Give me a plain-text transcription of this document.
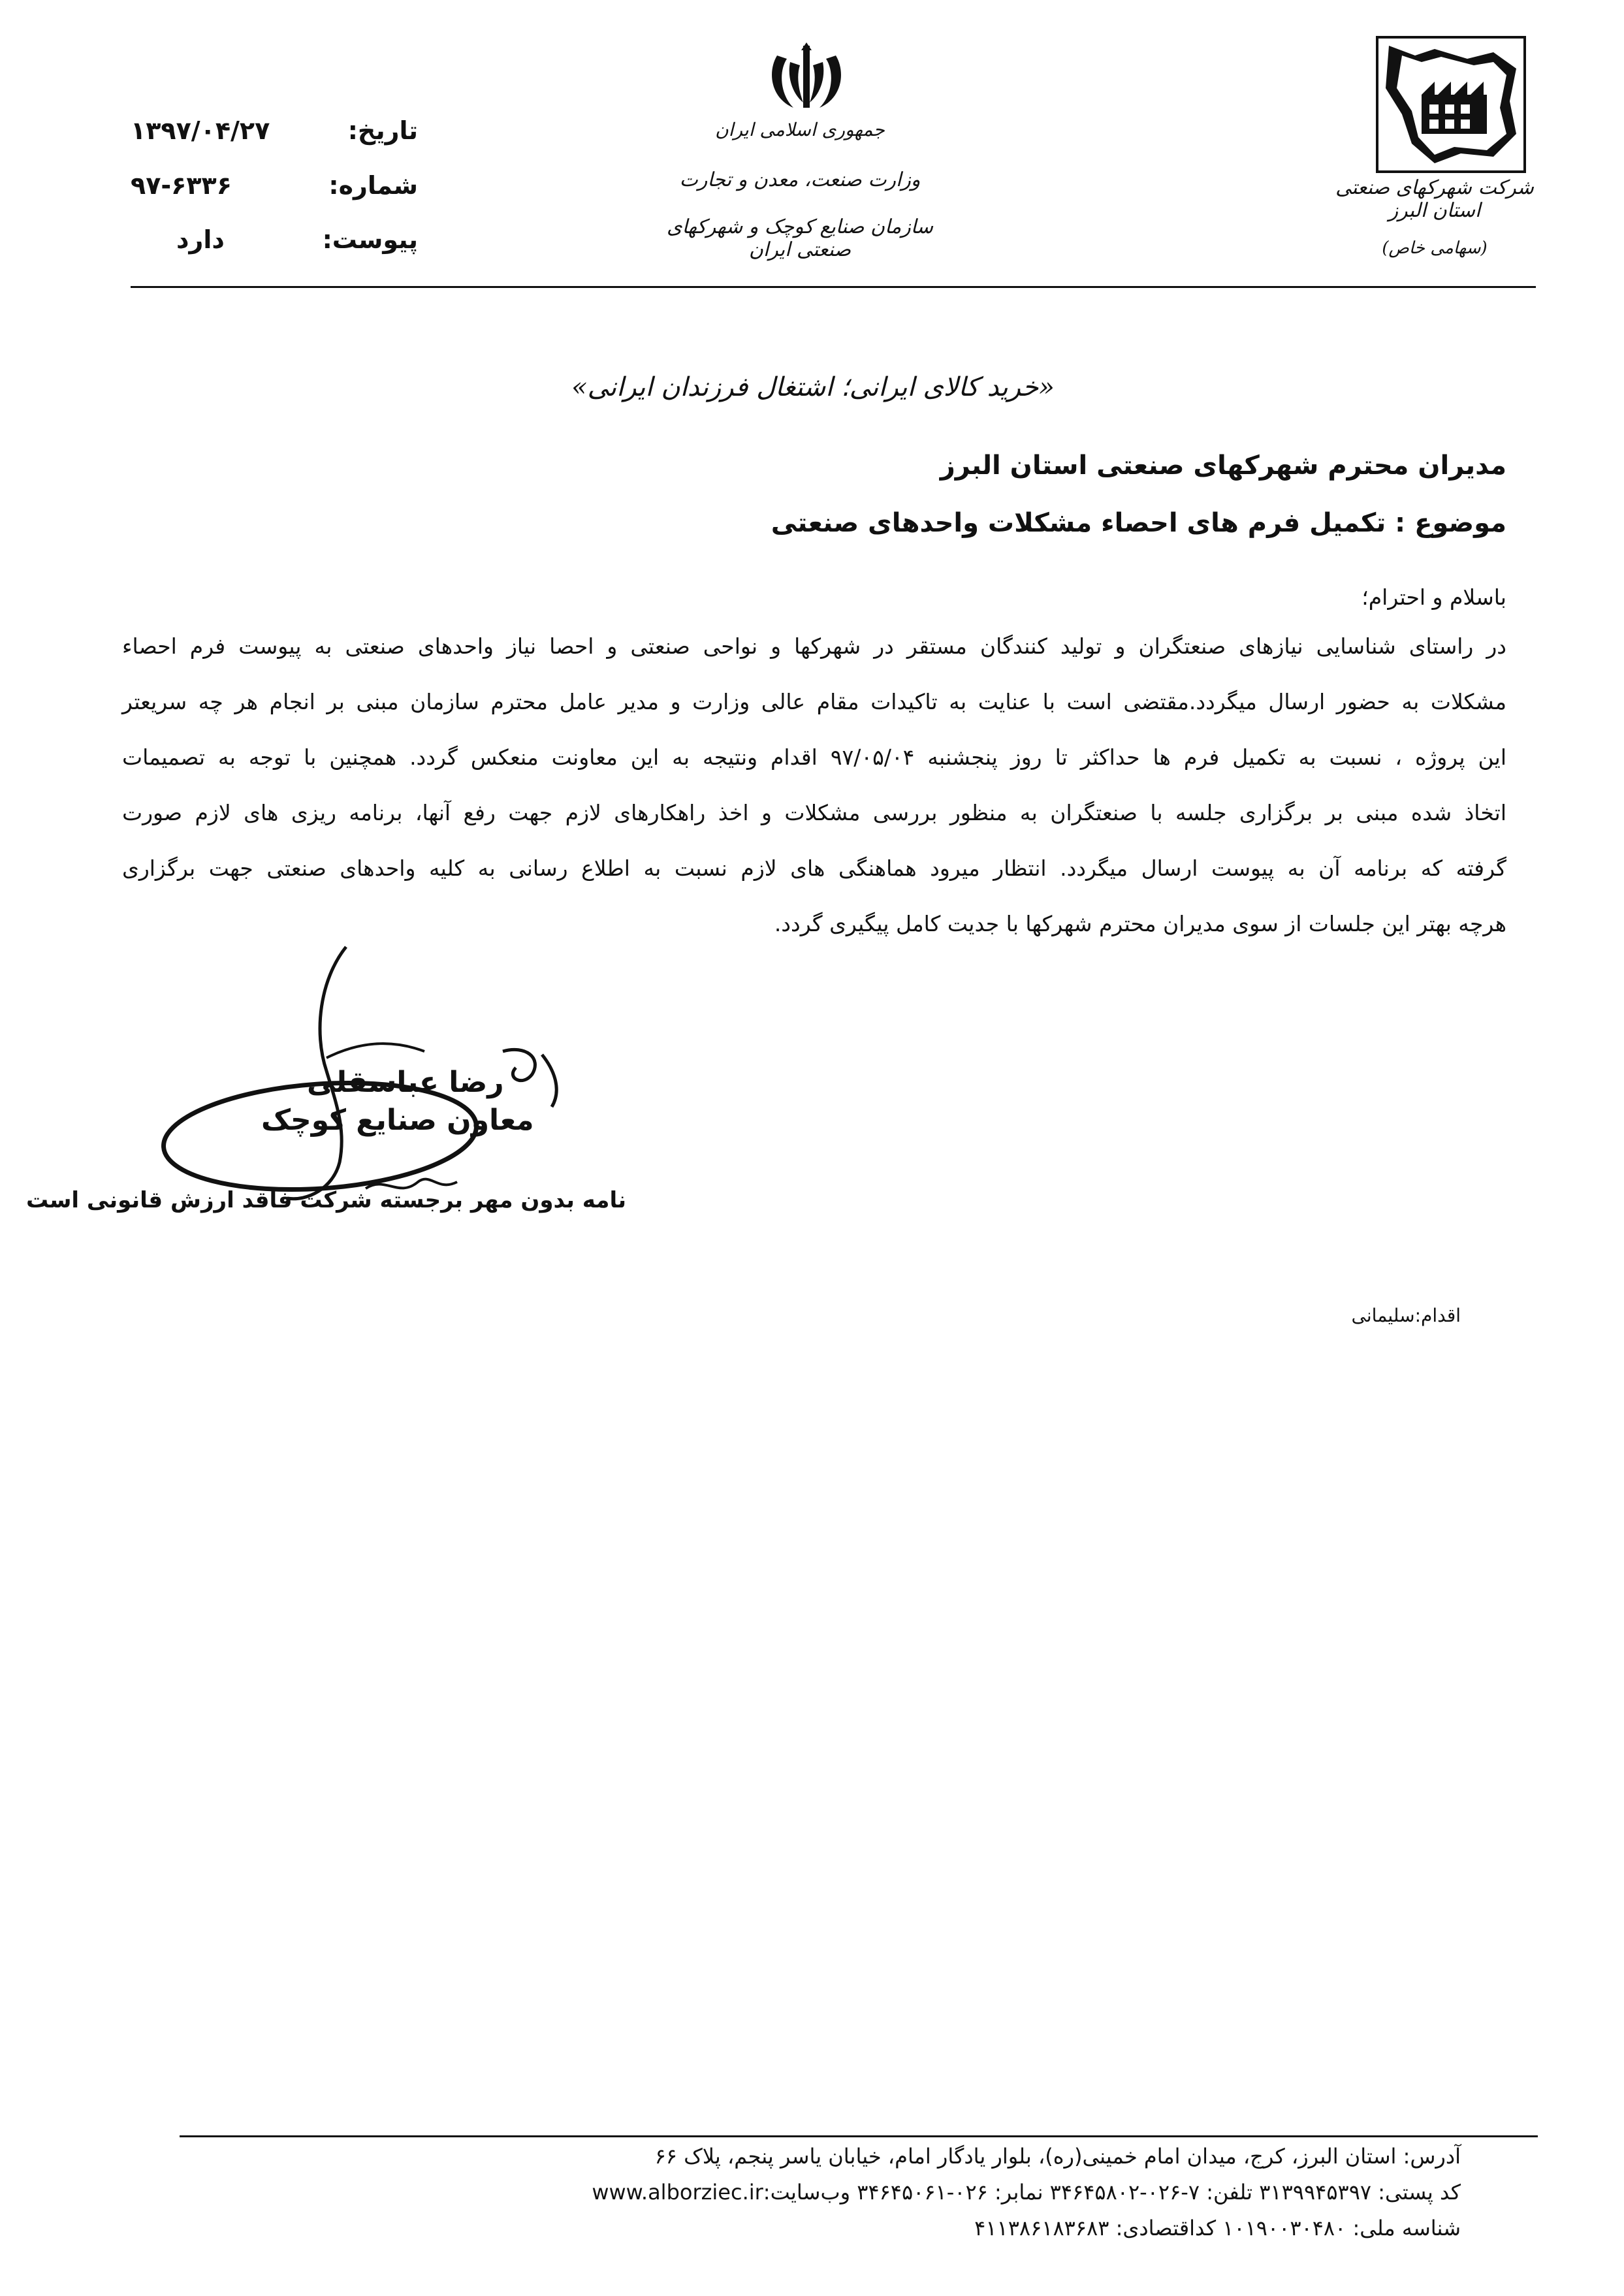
شرکت شهرکهای صنعتی استان البرز
(سهامی خاص)
جمهوری اسلامی ایران
وزارت صنعت، معدن و تجارت
سازمان صنایع کوچک و شهرکهای صنعتی ایران
تاریخ:
۱۳۹۷/۰۴/۲۷
شماره:
۹۷-۶۳۳۶
پیوست:
دارد
«خرید کالای ایرانی؛ اشتغال فرزندان ایرانی»
مدیران محترم شهرکهای صنعتی استان البرز
موضوع : تکمیل فرم های احصاء مشکلات واحدهای صنعتی
باسلام و احترام؛
در راستای شناسایی نیازهای صنعتگران و تولید کنندگان مستقر در شهرکها و نواحی صنعتی و احصا نیاز واحدهای صنعتی به پیوست فرم احصاء
مشکلات به حضور ارسال میگردد.مقتضی است با عنایت به تاکیدات مقام عالی وزارت و مدیر عامل محترم سازمان مبنی بر انجام هر چه سریعتر
این پروژه ، نسبت به تکمیل فرم ها حداکثر تا روز پنجشنبه ۹۷/۰۵/۰۴ اقدام ونتیجه به این معاونت منعکس گردد. همچنین با توجه به تصمیمات
اتخاذ شده مبنی بر برگزاری جلسه با صنعتگران به منظور بررسی مشکلات و اخذ راهکارهای لازم جهت رفع آنها، برنامه ریزی های لازم صورت
گرفته که برنامه آن به پیوست ارسال میگردد. انتظار میرود هماهنگی های لازم نسبت به اطلاع رسانی به کلیه واحدهای صنعتی جهت برگزاری
هرچه بهتر این جلسات از سوی مدیران محترم شهرکها با جدیت کامل پیگیری گردد.
رضا عباسقلی
معاون صنایع کوچک
نامه بدون مهر برجسته شرکت فاقد ارزش قانونی است
اقدام:سلیمانی
آدرس: استان البرز، کرج، میدان امام خمینی(ره)، بلوار یادگار امام، خیابان یاسر پنجم، پلاک ۶۶
کد پستی: ۳۱۳۹۹۴۵۳۹۷ تلفن: ۷-۰۲۶-۳۴۶۴۵۸۰۲ نمابر: ۰۲۶-۳۴۶۴۵۰۶۱ وب‌سایت:www.alborziec.ir
شناسه ملی: ۱۰۱۹۰۰۳۰۴۸۰ کداقتصادی: ۴۱۱۳۸۶۱۸۳۶۸۳
